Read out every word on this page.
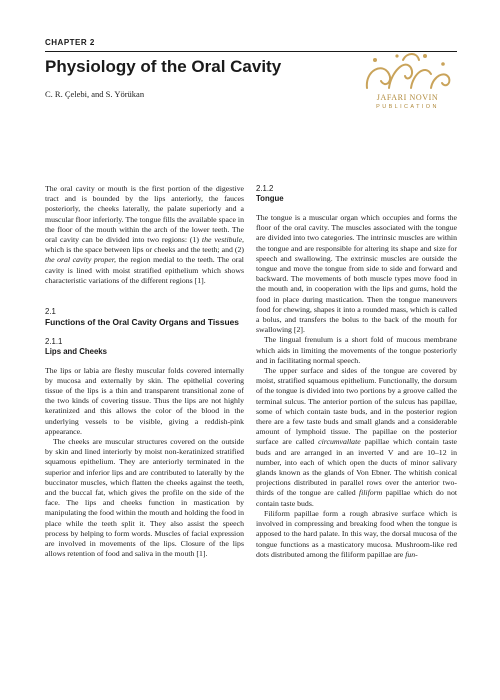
CHAPTER 2
Physiology of the Oral Cavity
C. R. Çelebi, and S. Yörükan	JAFARI NOVIN
PUBLICATION

The oral cavity or mouth is the first portion of the digestive tract and is bounded by the lips anteriorly, the fauces posteriorly, the cheeks laterally, the palate superiorly and a muscular floor inferiorly. The tongue fills the available space in the floor of the mouth within the arch of the lower teeth. The oral cavity can be divided into two regions: (1) the vestibule, which is the space between lips or cheeks and the teeth; and (2) the oral cavity proper, the region medial to the teeth. The oral cavity is lined with moist stratified epithelium which shows characteristic variations of the different regions [1].

2.1
Functions of the Oral Cavity Organs and Tissues
2.1.1
Lips and Cheeks

The lips or labia are fleshy muscular folds covered internally by mucosa and externally by skin. The epithelial covering tissue of the lips is a thin and transparent transitional zone of the two kinds of covering tissue. Thus the lips are not highly keratinized and this allows the color of the blood in the underlying vessels to be visible, giving a reddish-pink appearance.

The cheeks are muscular structures covered on the outside by skin and lined interiorly by moist non-keratinized stratified squamous epithelium. They are anteriorly terminated in the superior and inferior lips and are contributed to laterally by the buccinator muscles, which flatten the cheeks against the teeth, and the buccal fat, which gives the profile on the side of the face. The lips and cheeks function in mastication by manipulating the food within the mouth and holding the food in place while the teeth split it. They also assist the speech process by helping to form words. Muscles of facial expression are involved in movements of the lips. Closure of the lips allows retention of food and saliva in the mouth [1].

2.1.2
Tongue

The tongue is a muscular organ which occupies and forms the floor of the oral cavity. The muscles associated with the tongue are divided into two categories. The intrinsic muscles are within the tongue and are responsible for altering its shape and size for speech and swallowing. The extrinsic muscles are outside the tongue and move the tongue from side to side and forward and backward. The movements of both muscle types move food in the mouth and, in cooperation with the lips and gums, hold the food in place during mastication. Then the tongue maneuvers food for chewing, shapes it into a rounded mass, which is called a bolus, and transfers the bolus to the back of the mouth for swallowing [2].

The lingual frenulum is a short fold of mucous membrane which aids in limiting the movements of the tongue posteriorly and in facilitating normal speech.

The upper surface and sides of the tongue are covered by moist, stratified squamous epithelium. Functionally, the dorsum of the tongue is divided into two portions by a groove called the terminal sulcus. The anterior portion of the sulcus has papillae, some of which contain taste buds, and in the posterior region there are a few taste buds and small glands and a considerable amount of lymphoid tissue. The papillae on the posterior surface are called circumvallate papillae which contain taste buds and are arranged in an inverted V and are 10–12 in number, into each of which open the ducts of minor salivary glands known as the glands of Von Ebner. The whitish conical projections distributed in parallel rows over the anterior two-thirds of the tongue are called filiform papillae which do not contain taste buds.

Filiform papillae form a rough abrasive surface which is involved in compressing and breaking food when the tongue is apposed to the hard palate. In this way, the dorsal mucosa of the tongue functions as a masticatory mucosa. Mushroom-like red dots distributed among the filiform papillae are fun-
